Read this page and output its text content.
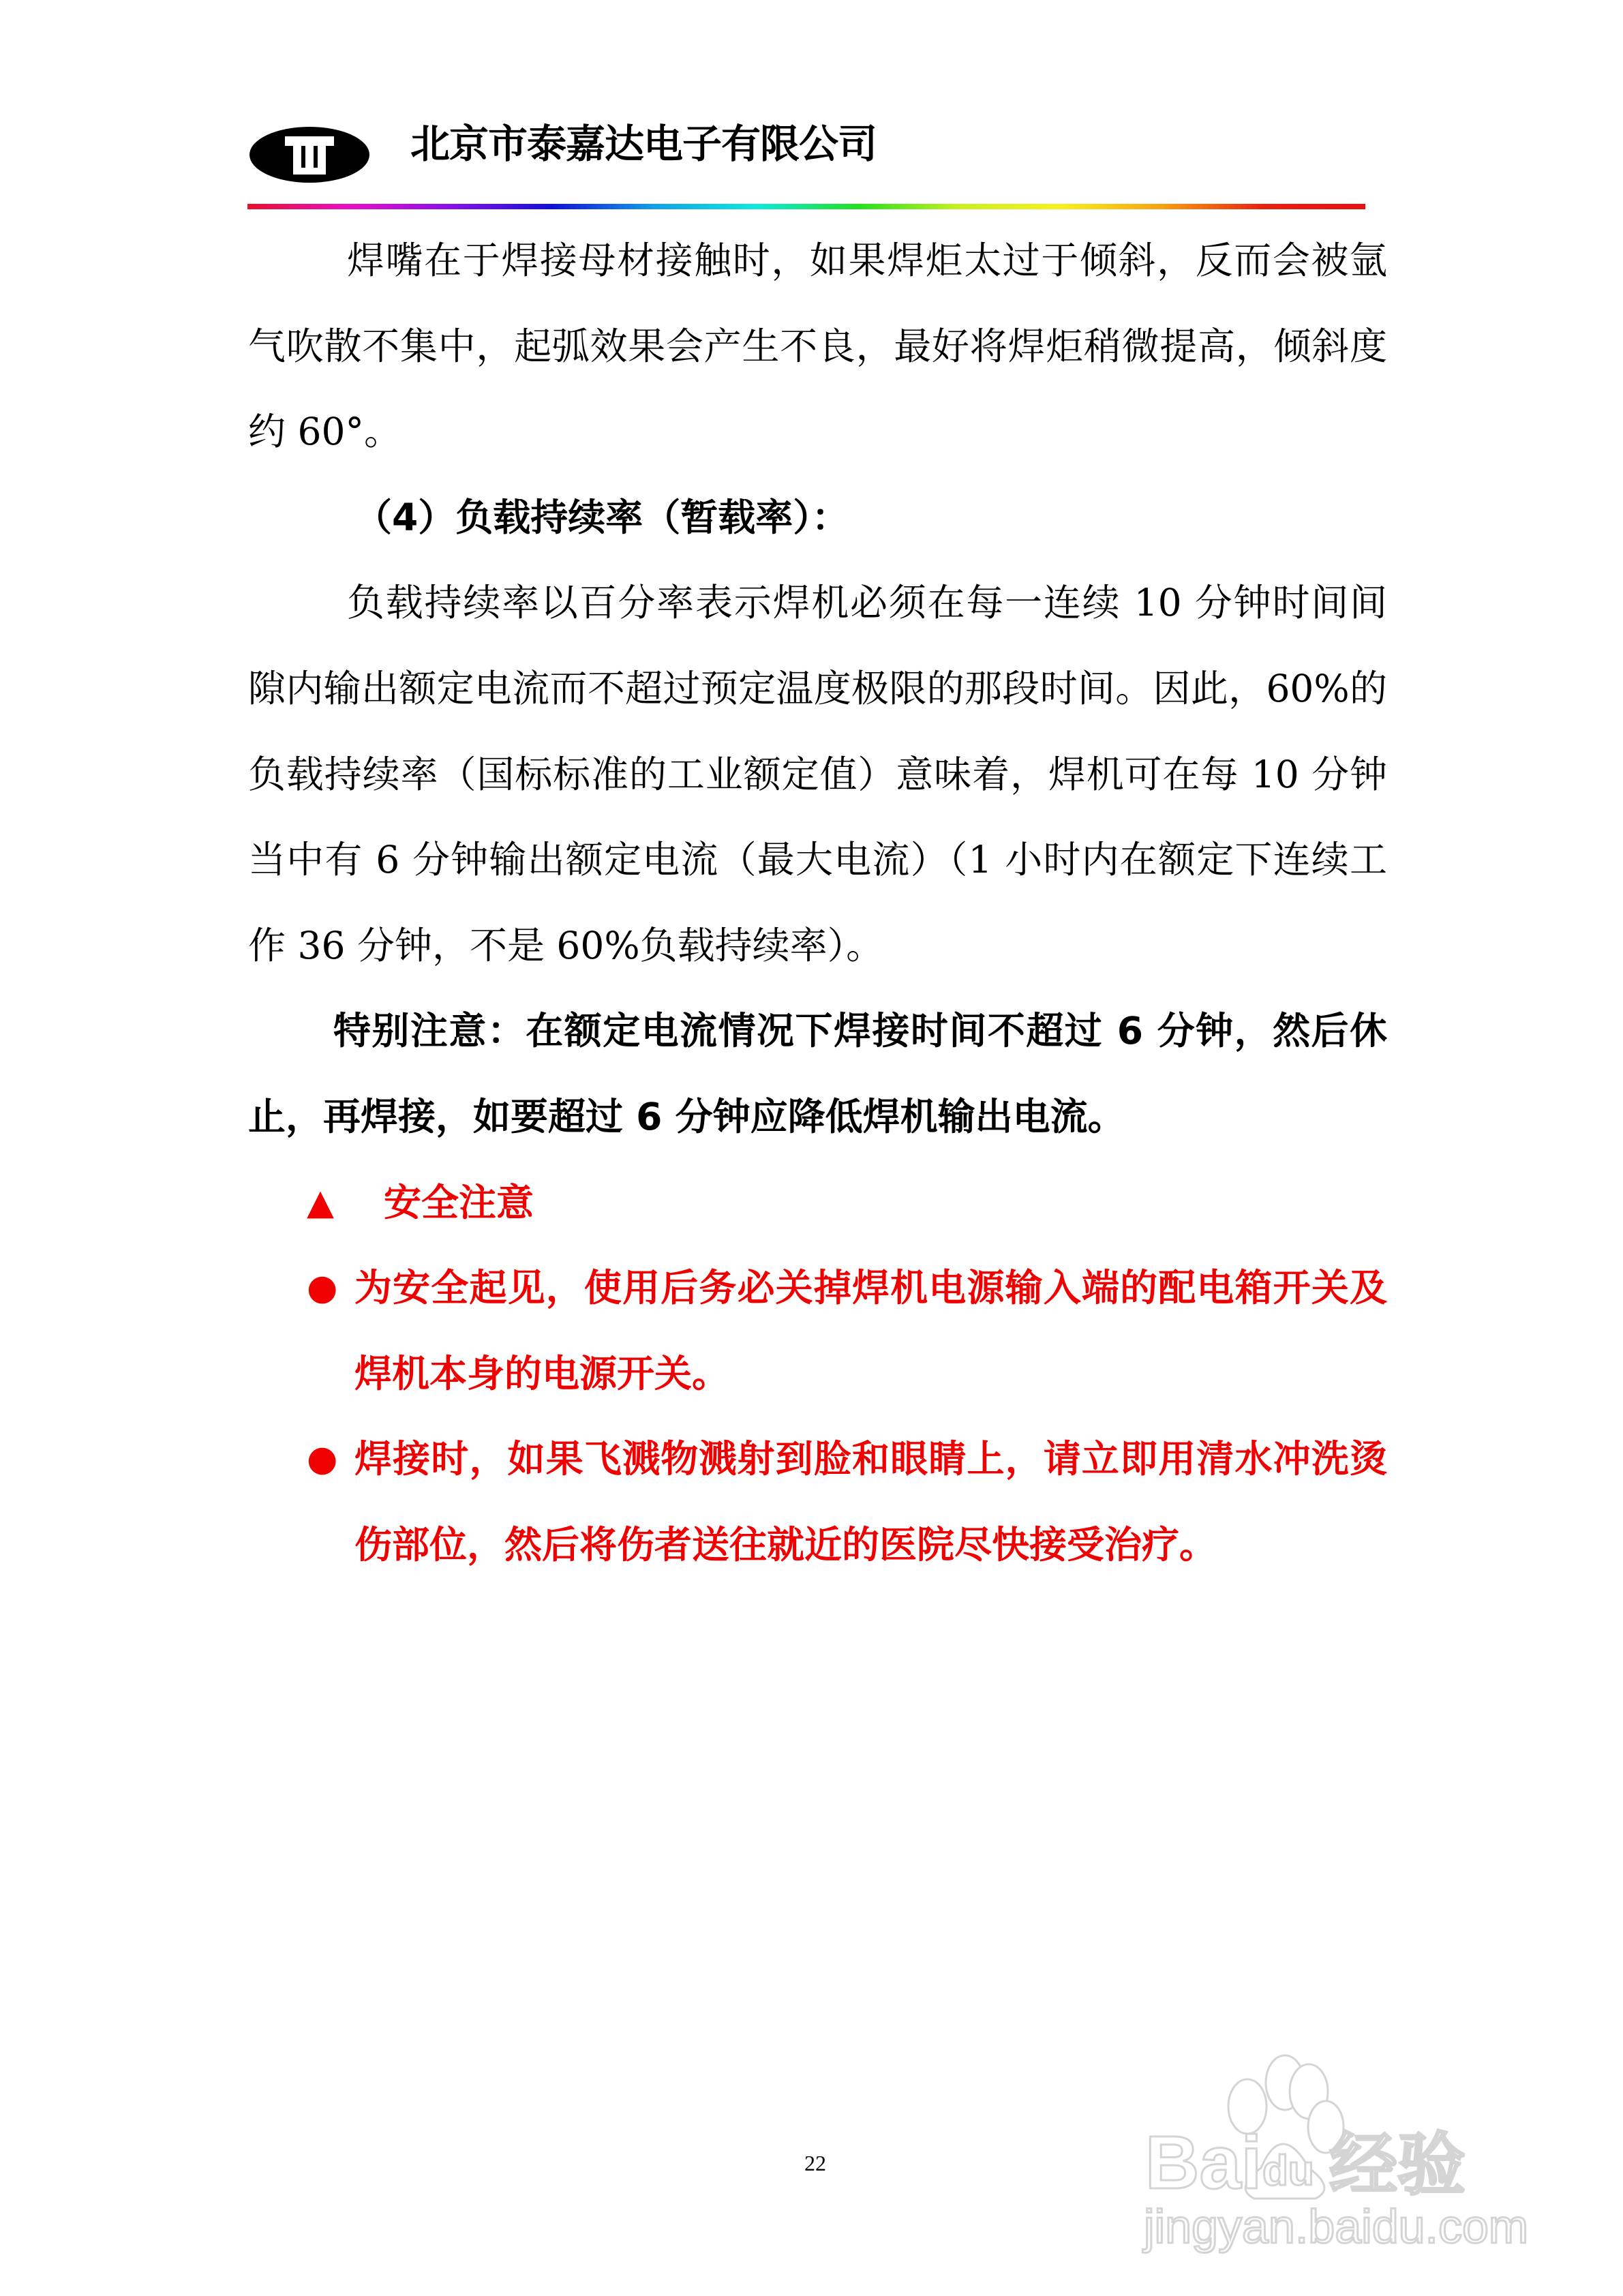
北京市泰嘉达电子有限公司
焊嘴在于焊接母材接触时，如果焊炬太过于倾斜，反而会被氩
气吹散不集中，起弧效果会产生不良，最好将焊炬稍微提高，倾斜度
约 60°。
（4）负载持续率（暂载率）：
负载持续率以百分率表示焊机必须在每一连续 10 分钟时间间
隙内输出额定电流而不超过预定温度极限的那段时间。因此，60%的
负载持续率（国标标准的工业额定值）意味着，焊机可在每 10 分钟
当中有 6 分钟输出额定电流（最大电流）（1 小时内在额定下连续工
作 36 分钟，不是 60%负载持续率）。
特别注意：在额定电流情况下焊接时间不超过 6 分钟，然后休
止，再焊接，如要超过 6 分钟应降低焊机输出电流。
▲ 安全注意
● 为安全起见，使用后务必关掉焊机电源输入端的配电箱开关及
焊机本身的电源开关。
● 焊接时，如果飞溅物溅射到脸和眼睛上，请立即用清水冲洗烫
伤部位，然后将伤者送往就近的医院尽快接受治疗。
22	Bai du 经验
jingyan.baidu.com
